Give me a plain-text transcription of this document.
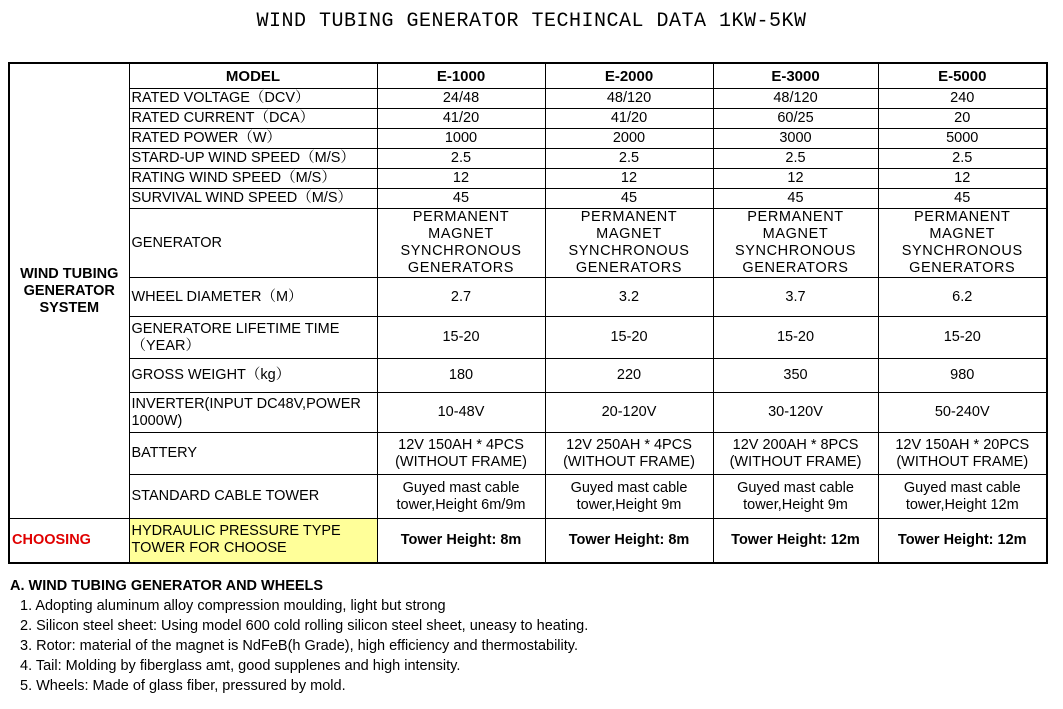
WIND TUBING GENERATOR TECHINCAL DATA 1KW-5KW
WIND TUBING GENERATOR SYSTEM	MODEL	E-1000	E-2000	E-3000	E-5000
	RATED VOLTAGE（DCV）	24/48	48/120	48/120	240
	RATED CURRENT（DCA）	41/20	41/20	60/25	20
	RATED POWER（W）	1000	2000	3000	5000
	STARD-UP WIND SPEED（M/S）	2.5	2.5	2.5	2.5
	RATING WIND SPEED（M/S）	12	12	12	12
	SURVIVAL WIND SPEED（M/S）	45	45	45	45
	GENERATOR	PERMANENT MAGNET SYNCHRONOUS GENERATORS	PERMANENT MAGNET SYNCHRONOUS GENERATORS	PERMANENT MAGNET SYNCHRONOUS GENERATORS	PERMANENT MAGNET SYNCHRONOUS GENERATORS
	WHEEL DIAMETER（M）	2.7	3.2	3.7	6.2
	GENERATORE LIFETIME TIME（YEAR）	15-20	15-20	15-20	15-20
	GROSS WEIGHT（kg）	180	220	350	980
	INVERTER(INPUT DC48V,POWER 1000W)	10-48V	20-120V	30-120V	50-240V
	BATTERY	12V 150AH * 4PCS (WITHOUT FRAME)	12V 250AH * 4PCS (WITHOUT FRAME)	12V 200AH * 8PCS (WITHOUT FRAME)	12V 150AH * 20PCS (WITHOUT FRAME)
	STANDARD CABLE TOWER	Guyed mast cable tower,Height 6m/9m	Guyed mast cable tower,Height 9m	Guyed mast cable tower,Height 9m	Guyed mast cable tower,Height 12m
CHOOSING	HYDRAULIC PRESSURE TYPE TOWER FOR CHOOSE	Tower Height: 8m	Tower Height: 8m	Tower Height: 12m	Tower Height: 12m
A. WIND TUBING GENERATOR AND WHEELS
1. Adopting aluminum alloy compression moulding, light but strong
2. Silicon steel sheet: Using model 600 cold rolling silicon steel sheet, uneasy to heating.
3. Rotor: material of the magnet is NdFeB(h Grade), high efficiency and thermostability.
4. Tail: Molding by fiberglass amt, good supplenes and high intensity.
5. Wheels: Made of glass fiber, pressured by mold.
